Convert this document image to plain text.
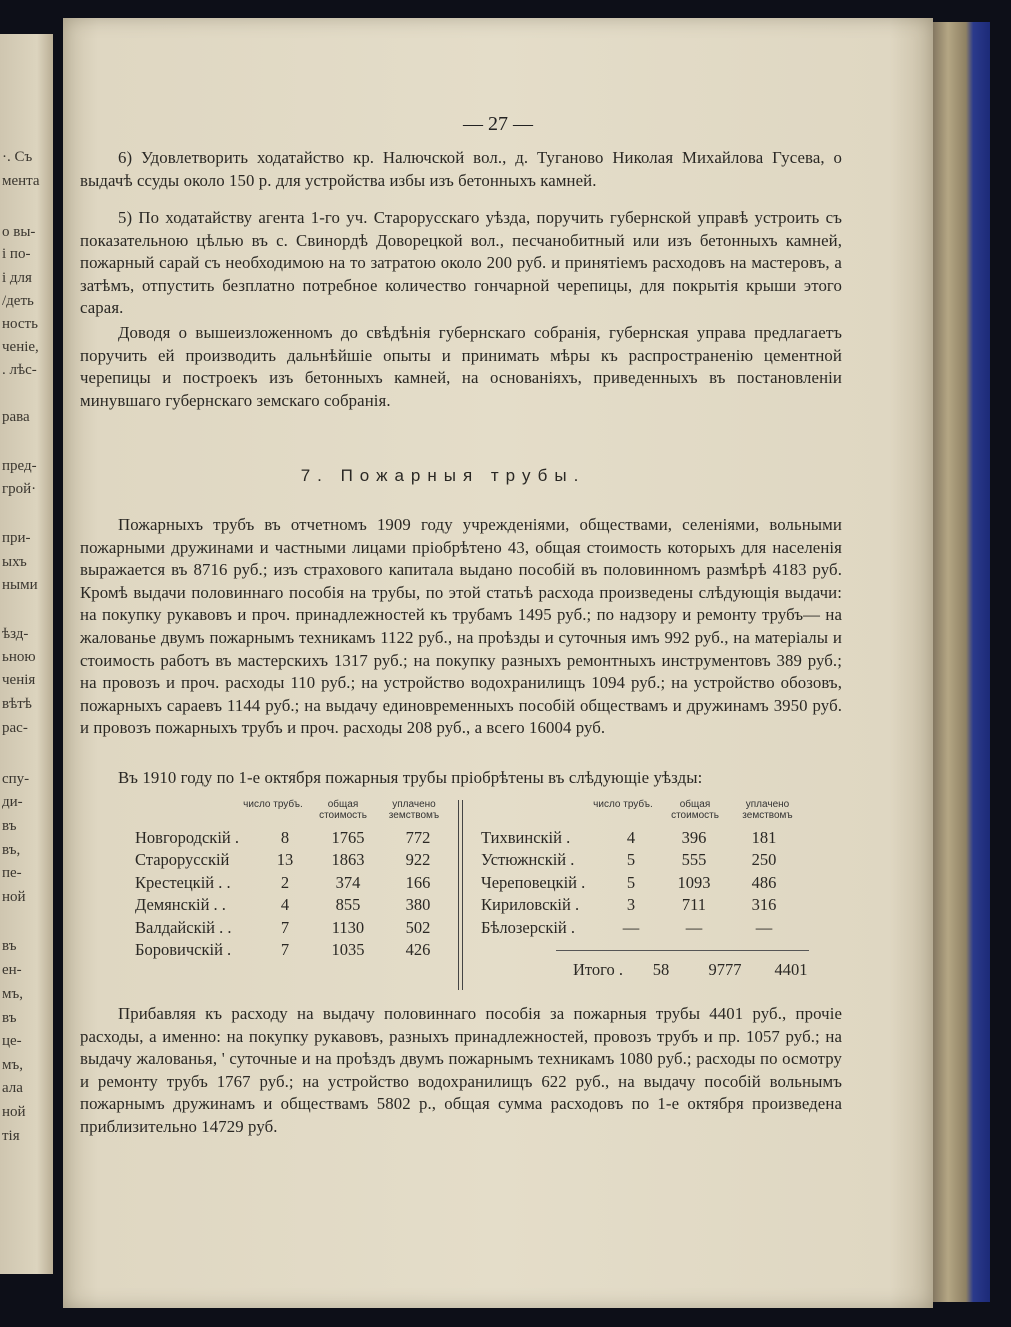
·. Съ
мента
о вы-
і по-
і для
/деть
ность
ченіе,
. лѣс-
рава
пред-
грой·
при-
ыхъ
ными
ѣзд-
ьною
ченія
вѣтѣ
рас-
спу-
ди-
въ
въ,
пе-
ной
въ
ен-
мъ,
въ
це-
мъ,
ала
ной
тія
— 27 —
6) Удовлетворить ходатайство кр. Налючской вол., д. Туганово Николая Михайлова Гусева, о выдачѣ ссуды около 150 р. для устройства избы изъ бетонныхъ камней.
5) По ходатайству агента 1-го уч. Старорусскаго уѣзда, поручить губернской управѣ устроить съ показательною цѣлью въ с. Свинордѣ Доворецкой вол., песчанобитный или изъ бетонныхъ камней, пожарный сарай съ необходимою на то затратою около 200 руб. и принятіемъ расходовъ на мастеровъ, а затѣмъ, отпустить безплатно потребное количество гончарной черепицы, для покрытія крыши этого сарая.
Доводя о вышеизложенномъ до свѣдѣнія губернскаго собранія, губернская управа предлагаетъ поручить ей производить дальнѣйшіе опыты и принимать мѣры къ распространенію цементной черепицы и построекъ изъ бетонныхъ камней, на основаніяхъ, приведенныхъ въ постановленіи минувшаго губернскаго земскаго собранія.
7. Пожарныя трубы.
Пожарныхъ трубъ въ отчетномъ 1909 году учрежденіями, обществами, селеніями, вольными пожарными дружинами и частными лицами пріобрѣтено 43, общая стоимость которыхъ для населенія выражается въ 8716 руб.; изъ страхового капитала выдано пособій въ половинномъ размѣрѣ 4183 руб. Кромѣ выдачи половиннаго пособія на трубы, по этой статьѣ расхода произведены слѣдующія выдачи: на покупку рукавовъ и проч. принадлежностей къ трубамъ 1495 руб.; по надзору и ремонту трубъ— на жалованье двумъ пожарнымъ техникамъ 1122 руб., на проѣзды и суточныя имъ 992 руб., на матеріалы и стоимость работъ въ мастерскихъ 1317 руб.; на покупку разныхъ ремонтныхъ инструментовъ 389 руб.; на провозъ и проч. расходы 110 руб.; на устройство водохранилищъ 1094 руб.; на устройство обозовъ, пожарныхъ сараевъ 1144 руб.; на выдачу единовременныхъ пособій обществамъ и дружинамъ 3950 руб. и провозъ пожарныхъ трубъ и проч. расходы 208 руб., а всего 16004 руб.
Въ 1910 году по 1-е октября пожарныя трубы пріобрѣтены въ слѣдующіе уѣзды:
число трубъ.	общая стоимость
уплачено земствомъ
число трубъ.	общая стоимость
уплачено земствомъ
Новгородскій .	8	1765	772
Старорусскій	13	1863	922
Крестецкій . .	2	374	166
Демянскій . .	4	855	380
Валдайскій . .	7	1130	502
Боровичскій .	7	1035	426
Тихвинскій .	4	396	181
Устюжнскій .	5	555	250
Череповецкій .	5	1093	486
Кириловскій .	3	711	316
Бѣлозерскій .	—	—	—
Итого .	58	9777	4401
Прибавляя къ расходу на выдачу половиннаго пособія за пожарныя трубы 4401 руб., прочіе расходы, а именно: на покупку рукавовъ, разныхъ принадлежностей, провозъ трубъ и пр. 1057 руб.; на выдачу жалованья, ' суточные и на проѣздъ двумъ пожарнымъ техникамъ 1080 руб.; расходы по осмотру и ремонту трубъ 1767 руб.; на устройство водохранилищъ 622 руб., на выдачу пособій вольнымъ пожарнымъ дружинамъ и обществамъ 5802 р., общая сумма расходовъ по 1-е октября произведена приблизительно 14729 руб.
